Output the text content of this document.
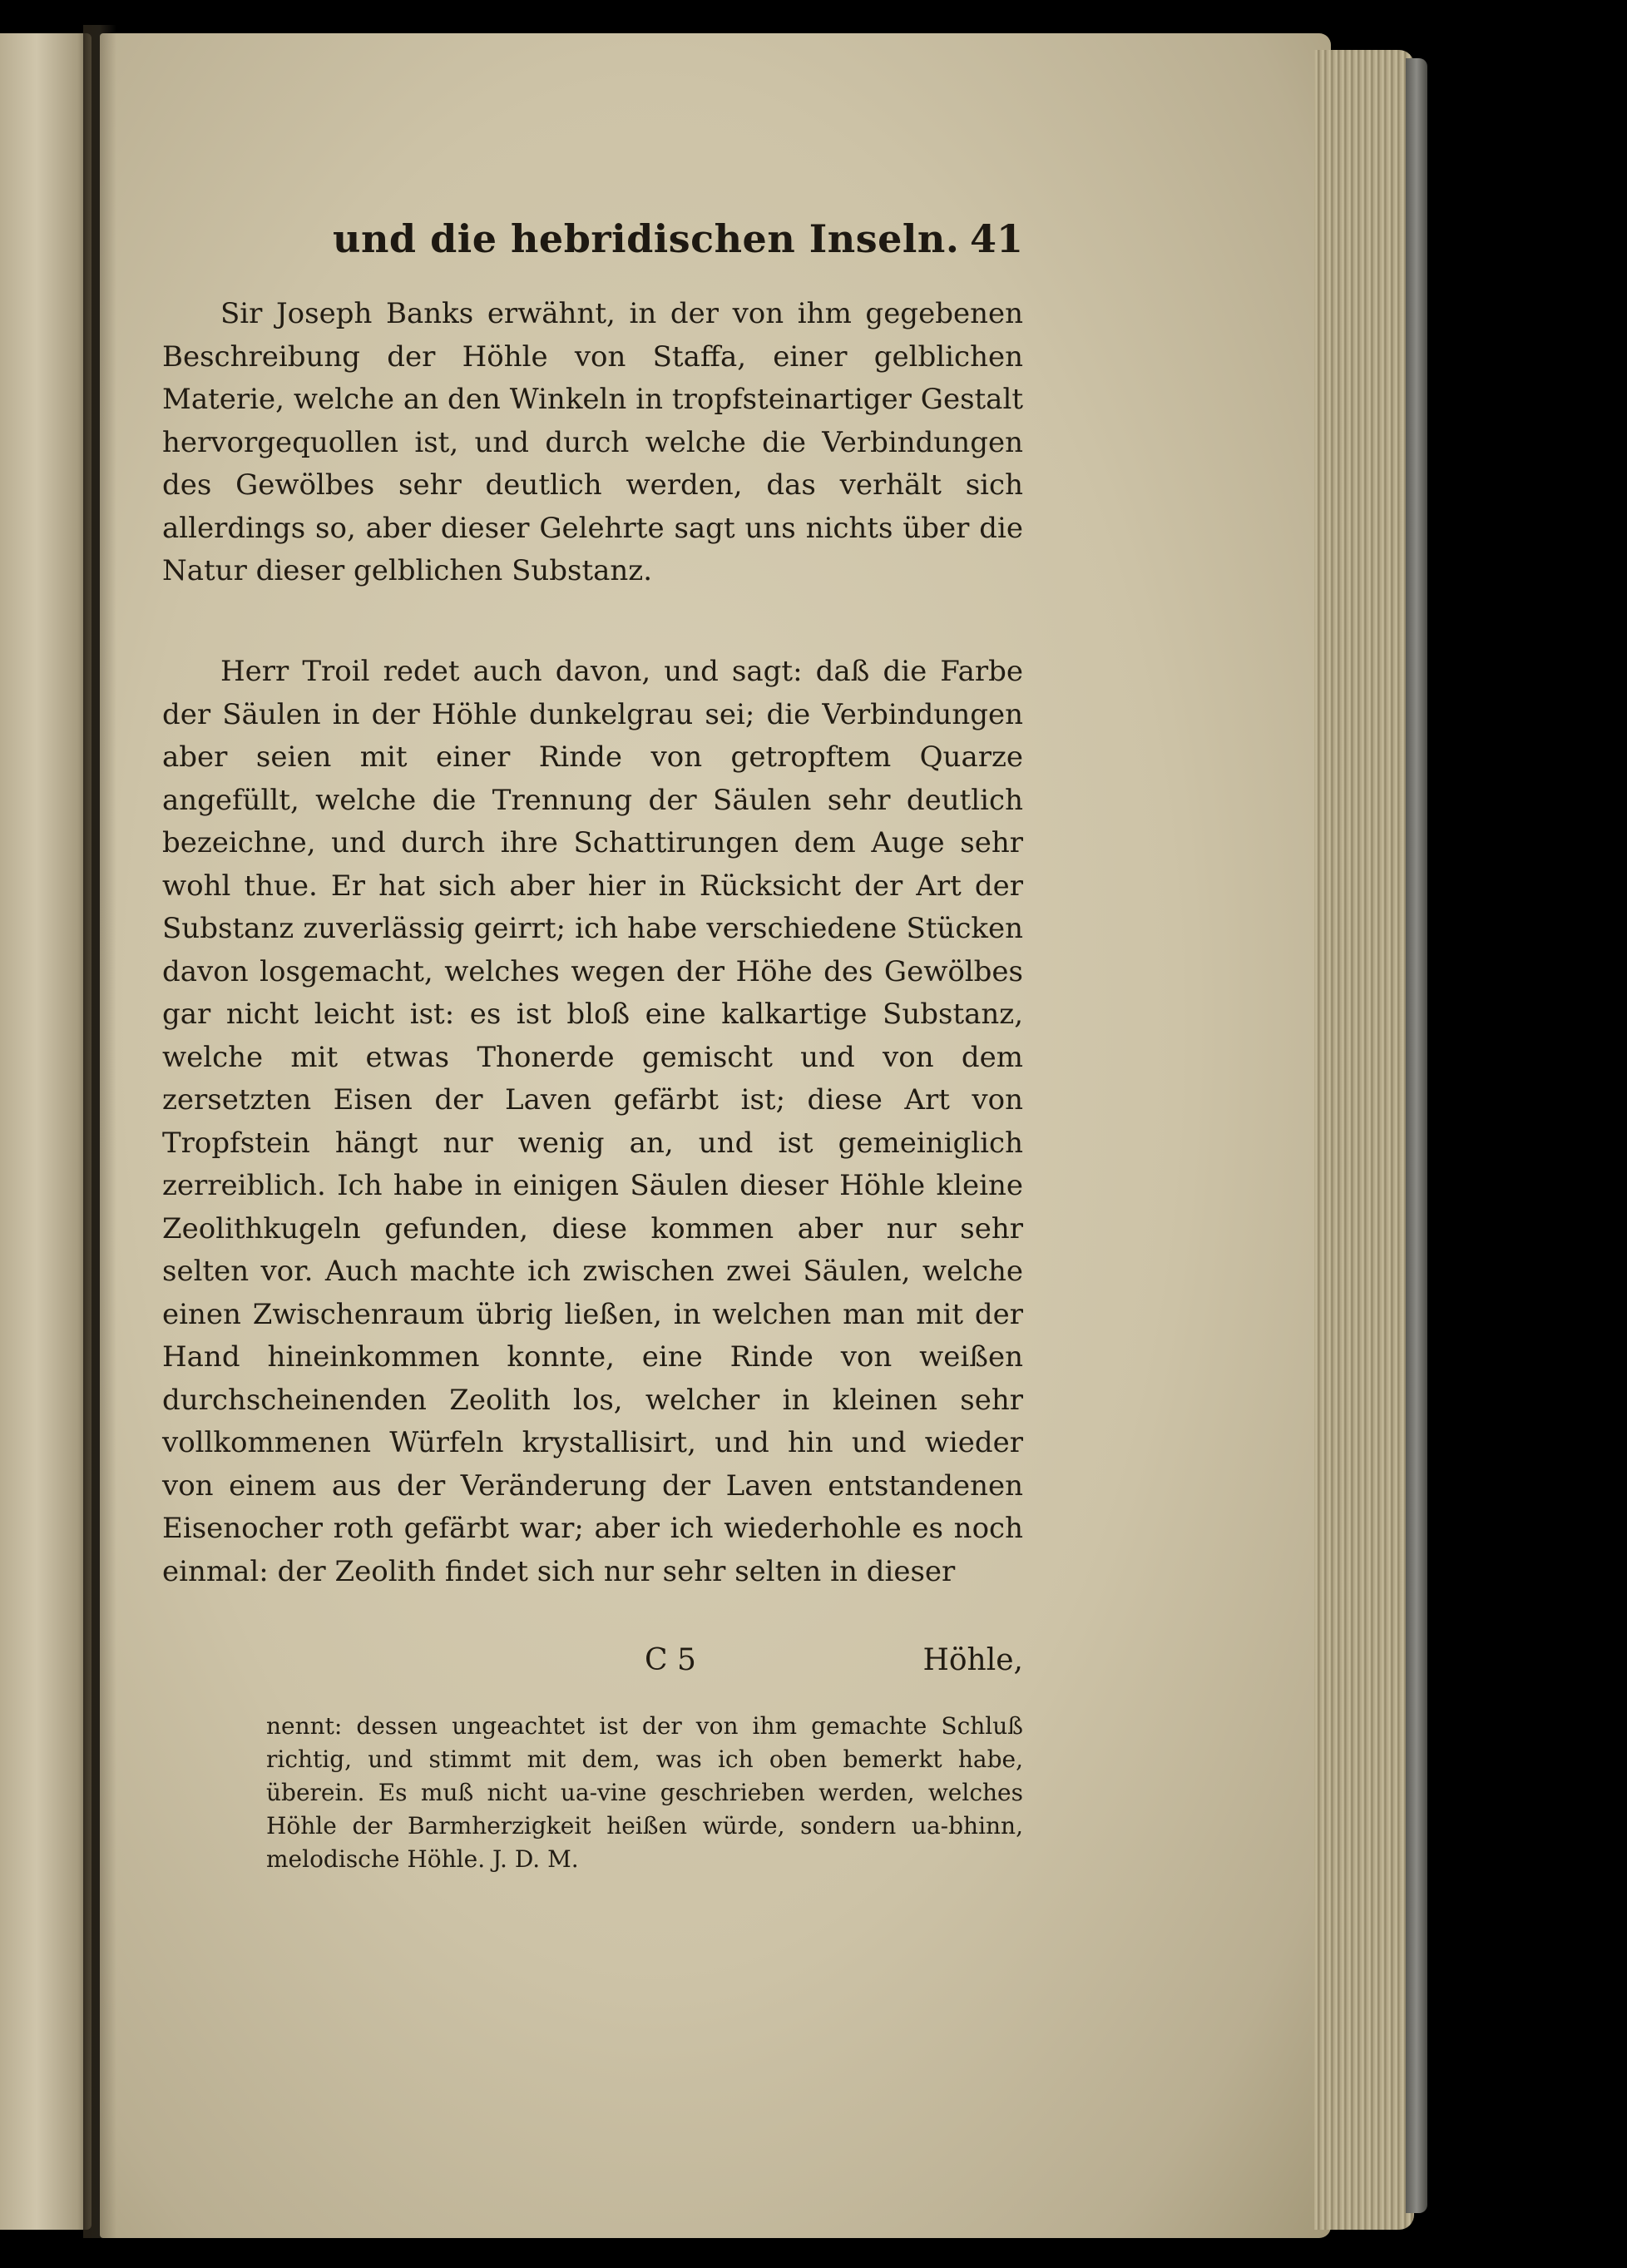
und die hebridischen Inseln. 41

Sir Joseph Banks erwähnt, in der von ihm gegebenen Beschreibung der Höhle von Staffa, einer gelblichen Materie, welche an den Winkeln in tropfsteinartiger Gestalt hervorgequollen ist, und durch welche die Verbindungen des Gewölbes sehr deutlich werden, das verhält sich allerdings so, aber dieser Gelehrte sagt uns nichts über die Natur dieser gelblichen Substanz.

Herr Troil redet auch davon, und sagt: daß die Farbe der Säulen in der Höhle dunkelgrau sei; die Verbindungen aber seien mit einer Rinde von getropftem Quarze angefüllt, welche die Trennung der Säulen sehr deutlich bezeichne, und durch ihre Schattirungen dem Auge sehr wohl thue. Er hat sich aber hier in Rücksicht der Art der Substanz zuverlässig geirrt; ich habe verschiedene Stücken davon losgemacht, welches wegen der Höhe des Gewölbes gar nicht leicht ist: es ist bloß eine kalkartige Substanz, welche mit etwas Thonerde gemischt und von dem zersetzten Eisen der Laven gefärbt ist; diese Art von Tropfstein hängt nur wenig an, und ist gemeiniglich zerreiblich. Ich habe in einigen Säulen dieser Höhle kleine Zeolithkugeln gefunden, diese kommen aber nur sehr selten vor. Auch machte ich zwischen zwei Säulen, welche einen Zwischenraum übrig ließen, in welchen man mit der Hand hineinkommen konnte, eine Rinde von weißen durchscheinenden Zeolith los, welcher in kleinen sehr vollkommenen Würfeln krystallisirt, und hin und wieder von einem aus der Veränderung der Laven entstandenen Eisenocher roth gefärbt war; aber ich wiederhohle es noch einmal: der Zeolith findet sich nur sehr selten in dieser

C 5	Höhle,

nennt: dessen ungeachtet ist der von ihm gemachte Schluß richtig, und stimmt mit dem, was ich oben bemerkt habe, überein. Es muß nicht ua-vine geschrieben werden, welches Höhle der Barmherzigkeit heißen würde, sondern ua-bhinn, melodische Höhle. J. D. M.
